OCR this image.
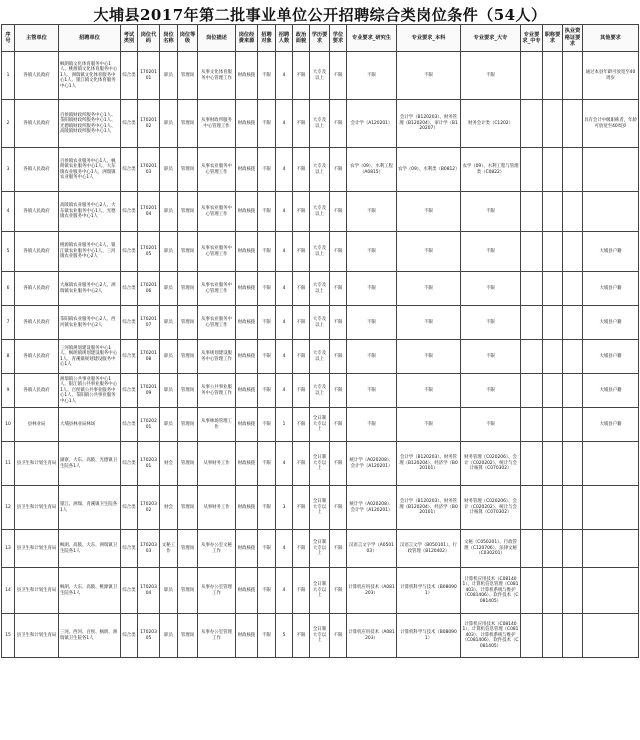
大埔县2017年第二批事业单位公开招聘综合类岗位条件（54人）
序号	主管单位	招聘单位	考试类别	岗位代码	岗位名称	岗位等级	岗位描述	岗位经费来源	招聘对象	招聘人数	政治面貌	学历要求	学位要求	专业要求_研究生	专业要求_本科	专业要求_大专	专业要求_中专	职称要求	执业资格证要求	其他要求
1	各镇人民政府	枫朗镇文化体育服务中心1人、桃源镇文化体育服务中心1人、洲瑞镇文化体育服务中心1人、银江镇文化体育服务中心1人	综合类	17020101	职员	管理岗	从事文化体育服务中心管理工作	财政核拨	不限	4	不限	大专及以上	不限	不限	不限	不限				通过本县年龄可放宽至40周岁
2	各镇人民政府	百侯镇财政所服务中心1人、茶阳镇财政所服务中心1人、光德镇财政所服务中心1人、高陂镇财政所服务中心1人	综合类	17020102	职员	管理岗	从事财政所服务中心管理工作	财政核拨	不限	4	不限	大专及以上	不限	会计学（A120201）	会计学（B120203）、财务管理（B120204）、审计学（B120207）	财务会计类（C1202）				具有会计中级职称者，年龄可放宽至40周岁
3	各镇人民政府	百侯镇农业服务中心1人、枫朗镇农业服务中心1人、大东镇农业服务中心1人、洲瑞镇农业服务中心1人	综合类	17020103	职员	管理岗	从事农业服务中心管理工作	财政核拨	不限	4	不限	大专及以上	不限	农学（09）、水利工程（A0815）	农学（09）、水利类（B0812）	农学（09）、水利工程与管理类（C0822）				
4	各镇人民政府	高陂镇农业服务中心2人、大东镇农业服务中心1人、光德镇农业服务中心1人	综合类	17020104	职员	管理岗	从事农业服务中心管理工作	财政核拨	不限	4	不限	大专及以上	不限	不限	不限	不限				
5	各镇人民政府	桃源镇农业服务中心1人、银江镇农业服务中心1人、三河镇农业服务中心2人	综合类	17020105	职员	管理岗	从事农业服务中心管理工作	财政核拨	不限	4	不限	大专及以上	不限	不限	不限	不限				大埔县户籍
6	各镇人民政府	大麻镇农业服务中心2人、洲瑞镇农业服务中心2人	综合类	17020106	职员	管理岗	从事农业服务中心管理工作	财政核拨	不限	4	不限	大专及以上	不限	不限	不限	不限				大埔县户籍
7	各镇人民政府	茶阳镇农业服务中心2人、西河镇农业服务中心2人	综合类	17020107	职员	管理岗	从事农业服务中心管理工作	财政核拨	不限	4	不限	大专及以上	不限	不限	不限	不限				大埔县户籍
8	各镇人民政府	三河镇规划建设服务中心1人、枫朗镇规划建设服务中心1人、青溪镇规划建设服务中心1人	综合类	17020108	职员	管理岗	从事规划建设服务中心管理工作	财政核拨	不限	4	不限	大专及以上	不限	不限	不限	不限				大埔县户籍
9	各镇人民政府	洲瑞镇公共事业服务中心1人、银江镇公共事业服务中心1人、百侯镇公共事业服务中心1人、茶阳镇公共事业服务中心1人	综合类	17020109	职员	管理岗	从事公共事业服务中心管理工作	财政核拨	不限	4	不限	大专及以上	不限	不限	不限	不限				大埔县户籍
10	县林业局	大埔县林业局林场	综合类	17020201	职员	管理岗	从事林场管理工作	财政核拨	不限	1	不限	全日制大专以上	不限	不限	不限	不限				大埔县户籍
11	县卫生和计划生育局	湖寮、大东、高陂、光德镇卫生院各1人	综合类	17020301	财会	管理岗	从事财务工作	财政核拨	不限	4	不限	全日制大专以上	不限	统计学（A020208）、会计学（A120201）	会计学（B120203）、财务管理（B120204）、经济学（B020101）	财务管理（C020206）、会计（C020202）、统计与会计核算（C070302）				
12	县卫生和计划生育局	银江、洲瑞、青溪镇卫生院各1人	综合类	17020302	财会	管理岗	从事财务工作	财政核拨	不限	3	不限	全日制大专以上	不限	统计学（A020208）、会计学（A120201）	会计学（B120203）、财务管理（B120204）、经济学（B020101）	财务管理（C020206）、会计（C020202）、统计与会计核算（C070302）				
13	县卫生和计划生育局	枫朗、高陂、大东、洲瑞镇卫生院各1人	综合类	17020303	文秘工作	管理岗	从事办公室文秘工作	财政核拨	不限	4	不限	全日制大专以上	不限	汉语言文字学（A050103）	汉语言文学（B050101）、行政管理（B120402）	文秘（C050201）、行政管理（C120706）、法律文秘（C030201）				
14	县卫生和计划生育局	枫朗、大东、高陂、桃源镇卫生院各1人	综合类	17020304	职员	管理岗	从事办公室管理工作	财政核拨	不限	4	不限	全日制大专以上	不限	计算机应用技术（A081203）	计算机科学与技术（B080901）	计算机应用技术（C081401）、计算机信息管理（C081403）、计算机系统与维护（C081406）、软件技术（C081405）				
15	县卫生和计划生育局	三河、西河、百侯、枫朗、洲瑞镇卫生院各1人	综合类	17020305	职员	管理岗	从事办公室管理工作	财政核拨	不限	5	不限	全日制大专以上	不限	计算机应用技术（A081203）	计算机科学与技术（B080901）	计算机应用技术（C081401）、计算机信息管理（C081403）、计算机系统与维护（C081406）、软件技术（C081405）				
